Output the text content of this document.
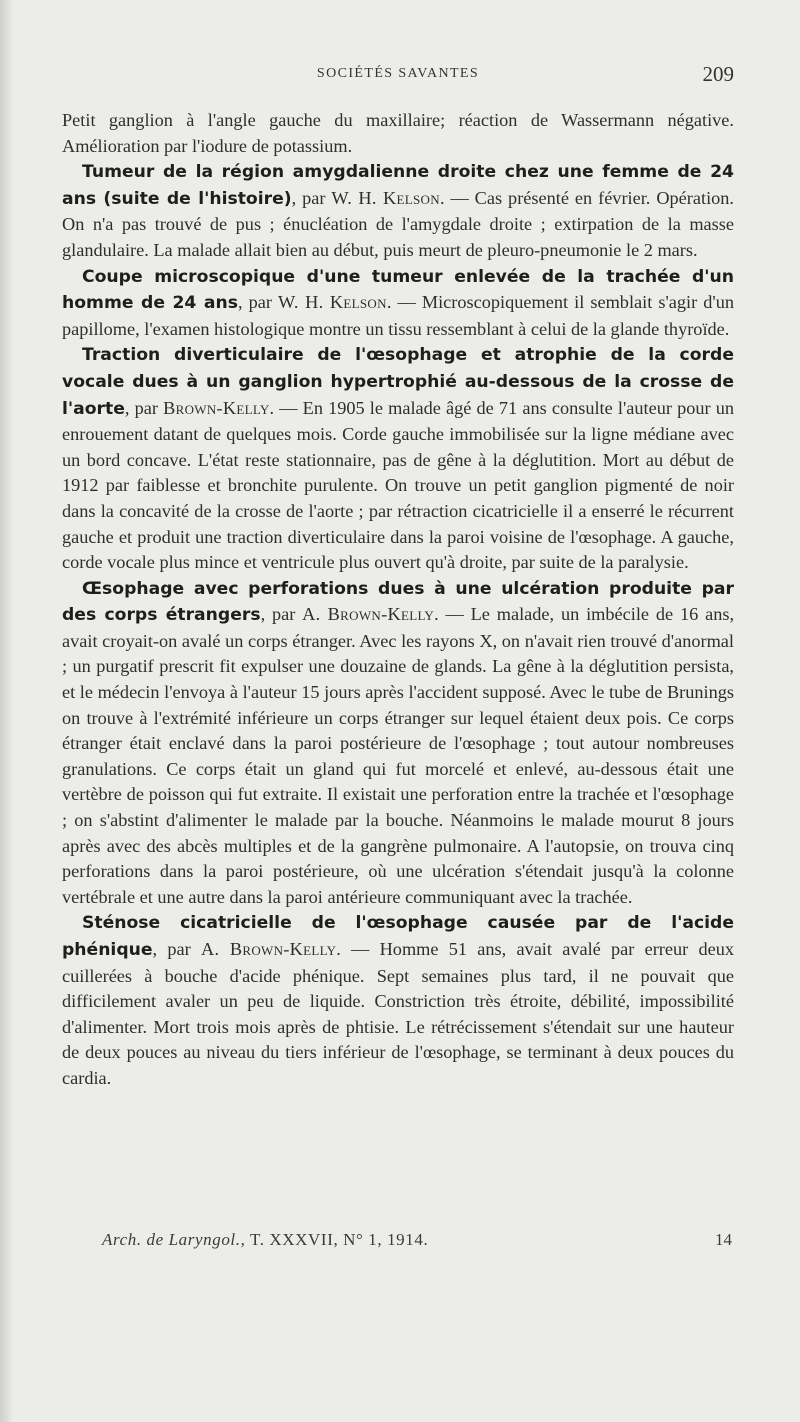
SOCIÉTÉS SAVANTES	209

Petit ganglion à l'angle gauche du maxillaire; réaction de Wassermann négative. Amélioration par l'iodure de potassium.

Tumeur de la région amygdalienne droite chez une femme de 24 ans (suite de l'histoire), par W. H. Kelson. — Cas présenté en février. Opération. On n'a pas trouvé de pus ; énucléation de l'amygdale droite ; extirpation de la masse glandulaire. La malade allait bien au début, puis meurt de pleuro-pneumonie le 2 mars.

Coupe microscopique d'une tumeur enlevée de la trachée d'un homme de 24 ans, par W. H. Kelson. — Microscopiquement il semblait s'agir d'un papillome, l'examen histologique montre un tissu ressemblant à celui de la glande thyroïde.

Traction diverticulaire de l'œsophage et atrophie de la corde vocale dues à un ganglion hypertrophié au-dessous de la crosse de l'aorte, par Brown-Kelly. — En 1905 le malade âgé de 71 ans consulte l'auteur pour un enrouement datant de quelques mois. Corde gauche immobilisée sur la ligne médiane avec un bord concave. L'état reste stationnaire, pas de gêne à la déglutition. Mort au début de 1912 par faiblesse et bronchite purulente. On trouve un petit ganglion pigmenté de noir dans la concavité de la crosse de l'aorte ; par rétraction cicatricielle il a enserré le récurrent gauche et produit une traction diverticulaire dans la paroi voisine de l'œsophage. A gauche, corde vocale plus mince et ventricule plus ouvert qu'à droite, par suite de la paralysie.

Œsophage avec perforations dues à une ulcération produite par des corps étrangers, par A. Brown-Kelly. — Le malade, un imbécile de 16 ans, avait croyait-on avalé un corps étranger. Avec les rayons X, on n'avait rien trouvé d'anormal ; un purgatif prescrit fit expulser une douzaine de glands. La gêne à la déglutition persista, et le médecin l'envoya à l'auteur 15 jours après l'accident supposé. Avec le tube de Brunings on trouve à l'extrémité inférieure un corps étranger sur lequel étaient deux pois. Ce corps étranger était enclavé dans la paroi postérieure de l'œsophage ; tout autour nombreuses granulations. Ce corps était un gland qui fut morcelé et enlevé, au-dessous était une vertèbre de poisson qui fut extraite. Il existait une perforation entre la trachée et l'œsophage ; on s'abstint d'alimenter le malade par la bouche. Néanmoins le malade mourut 8 jours après avec des abcès multiples et de la gangrène pulmonaire. A l'autopsie, on trouva cinq perforations dans la paroi postérieure, où une ulcération s'étendait jusqu'à la colonne vertébrale et une autre dans la paroi antérieure communiquant avec la trachée.

Sténose cicatricielle de l'œsophage causée par de l'acide phénique, par A. Brown-Kelly. — Homme 51 ans, avait avalé par erreur deux cuillerées à bouche d'acide phénique. Sept semaines plus tard, il ne pouvait que difficilement avaler un peu de liquide. Constriction très étroite, débilité, impossibilité d'alimenter. Mort trois mois après de phtisie. Le rétrécissement s'étendait sur une hauteur de deux pouces au niveau du tiers inférieur de l'œsophage, se terminant à deux pouces du cardia.

Arch. de Laryngol., T. XXXVII, N° 1, 1914.	14
